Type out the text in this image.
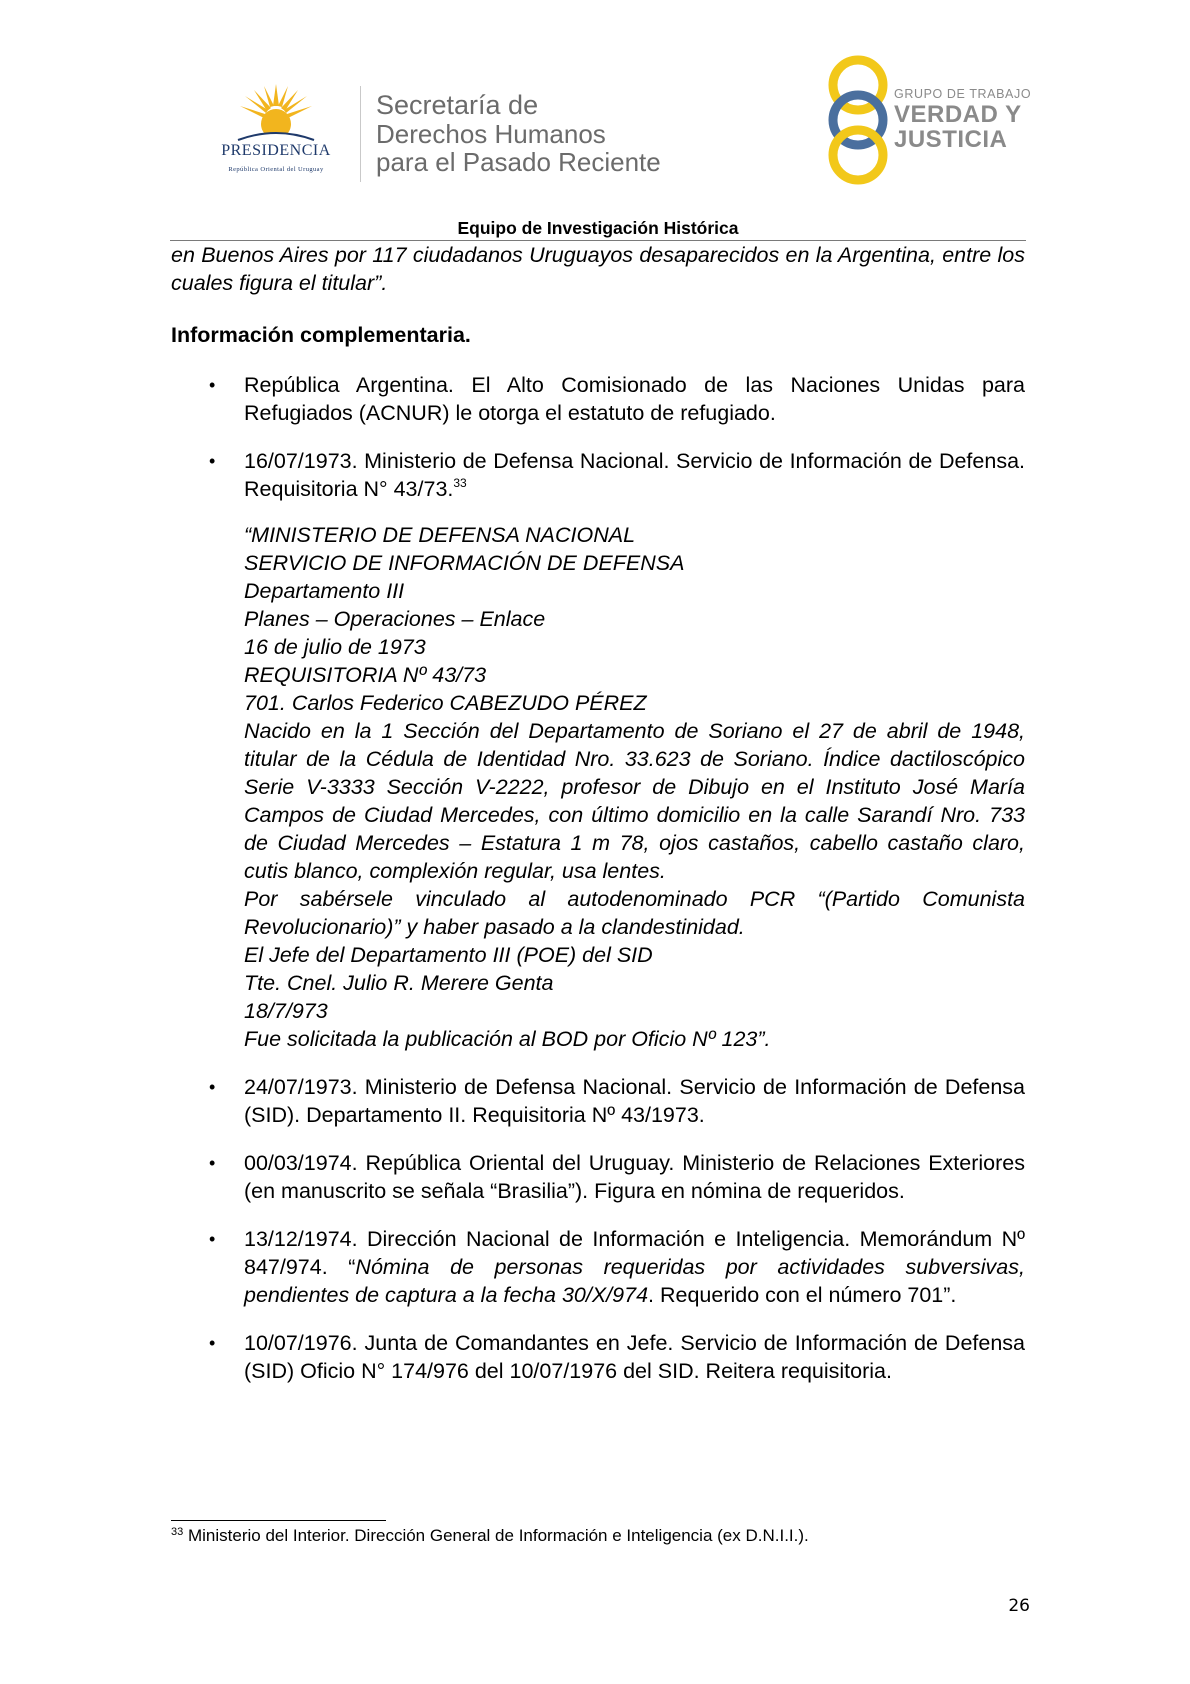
PRESIDENCIA
República Oriental del Uruguay
Secretaría de
Derechos Humanos
para el Pasado Reciente
GRUPO DE TRABAJO
VERDAD Y
JUSTICIA
Equipo de Investigación Histórica

en Buenos Aires por 117 ciudadanos Uruguayos desaparecidos en la Argentina, entre los cuales figura el titular”.

Información complementaria.

• República Argentina. El Alto Comisionado de las Naciones Unidas para Refugiados (ACNUR) le otorga el estatuto de refugiado.
• 16/07/1973. Ministerio de Defensa Nacional. Servicio de Información de Defensa. Requisitoria N° 43/73.33
“MINISTERIO DE DEFENSA NACIONAL
SERVICIO DE INFORMACIÓN DE DEFENSA
Departamento III
Planes – Operaciones – Enlace
16 de julio de 1973
REQUISITORIA Nº 43/73
701. Carlos Federico CABEZUDO PÉREZ
Nacido en la 1 Sección del Departamento de Soriano el 27 de abril de 1948, titular de la Cédula de Identidad Nro. 33.623 de Soriano. Índice dactiloscópico Serie V-3333 Sección V-2222, profesor de Dibujo en el Instituto José María Campos de Ciudad Mercedes, con último domicilio en la calle Sarandí Nro. 733 de Ciudad Mercedes – Estatura 1 m 78, ojos castaños, cabello castaño claro, cutis blanco, complexión regular, usa lentes.
Por sabérsele vinculado al autodenominado PCR “(Partido Comunista Revolucionario)” y haber pasado a la clandestinidad.
El Jefe del Departamento III (POE) del SID
Tte. Cnel. Julio R. Merere Genta
18/7/973
Fue solicitada la publicación al BOD por Oficio Nº 123”.
• 24/07/1973. Ministerio de Defensa Nacional. Servicio de Información de Defensa (SID). Departamento II. Requisitoria Nº 43/1973.
• 00/03/1974. República Oriental del Uruguay. Ministerio de Relaciones Exteriores (en manuscrito se señala “Brasilia”). Figura en nómina de requeridos.
• 13/12/1974. Dirección Nacional de Información e Inteligencia. Memorándum Nº 847/974. “Nómina de personas requeridas por actividades subversivas, pendientes de captura a la fecha 30/X/974. Requerido con el número 701”.
• 10/07/1976. Junta de Comandantes en Jefe. Servicio de Información de Defensa (SID) Oficio N° 174/976 del 10/07/1976 del SID. Reitera requisitoria.
$^{33}$ Ministerio del Interior. Dirección General de Información e Inteligencia (ex D.N.I.I.).
26
